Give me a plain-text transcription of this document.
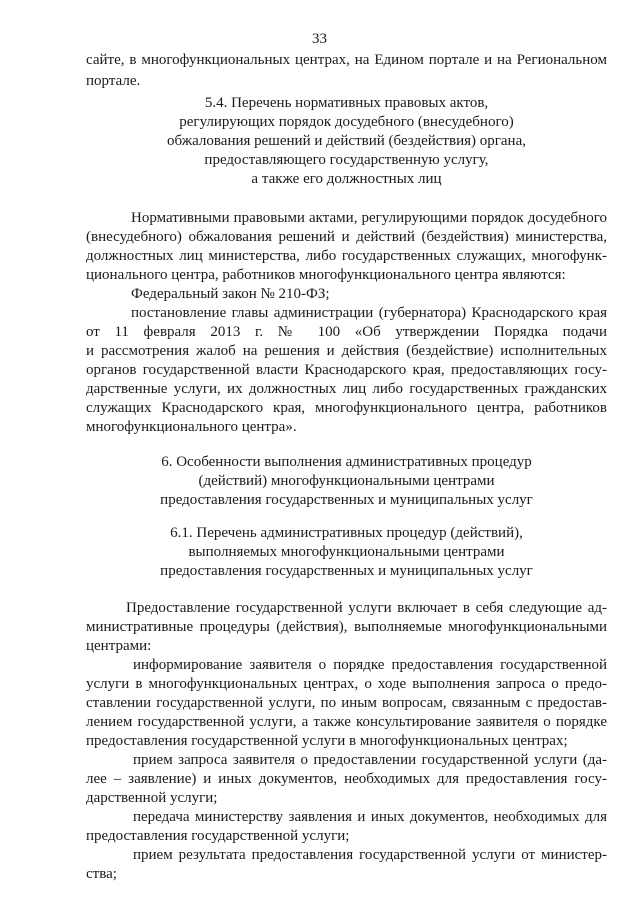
33
сайте, в многофункциональных центрах, на Едином портале и на Региональном
портале.
5.4. Перечень нормативных правовых актов,
регулирующих порядок досудебного (внесудебного)
обжалования решений и действий (бездействия) органа,
предоставляющего государственную услугу,
а также его должностных лиц
Нормативными правовыми актами, регулирующими порядок досудебного
(внесудебного) обжалования решений и действий (бездействия) министерства,
должностных лиц министерства, либо государственных служащих, многофунк-
ционального центра, работников многофункционального центра являются:
Федеральный закон № 210-ФЗ;
постановление главы администрации (губернатора) Краснодарского края
от 11 февраля 2013 г. № 100 «Об утверждении Порядка подачи
и рассмотрения жалоб на решения и действия (бездействие) исполнительных
органов государственной власти Краснодарского края, предоставляющих госу-
дарственные услуги, их должностных лиц либо государственных гражданских
служащих Краснодарского края, многофункционального центра, работников
многофункционального центра».
6. Особенности выполнения административных процедур
(действий) многофункциональными центрами
предоставления государственных и муниципальных услуг
6.1. Перечень административных процедур (действий),
выполняемых многофункциональными центрами
предоставления государственных и муниципальных услуг
Предоставление государственной услуги включает в себя следующие ад-
министративные процедуры (действия), выполняемые многофункциональными
центрами:
информирование заявителя о порядке предоставления государственной
услуги в многофункциональных центрах, о ходе выполнения запроса о предо-
ставлении государственной услуги, по иным вопросам, связанным с предостав-
лением государственной услуги, а также консультирование заявителя о порядке
предоставления государственной услуги в многофункциональных центрах;
прием запроса заявителя о предоставлении государственной услуги (да-
лее – заявление) и иных документов, необходимых для предоставления госу-
дарственной услуги;
передача министерству заявления и иных документов, необходимых для
предоставления государственной услуги;
прием результата предоставления государственной услуги от министер-
ства;
